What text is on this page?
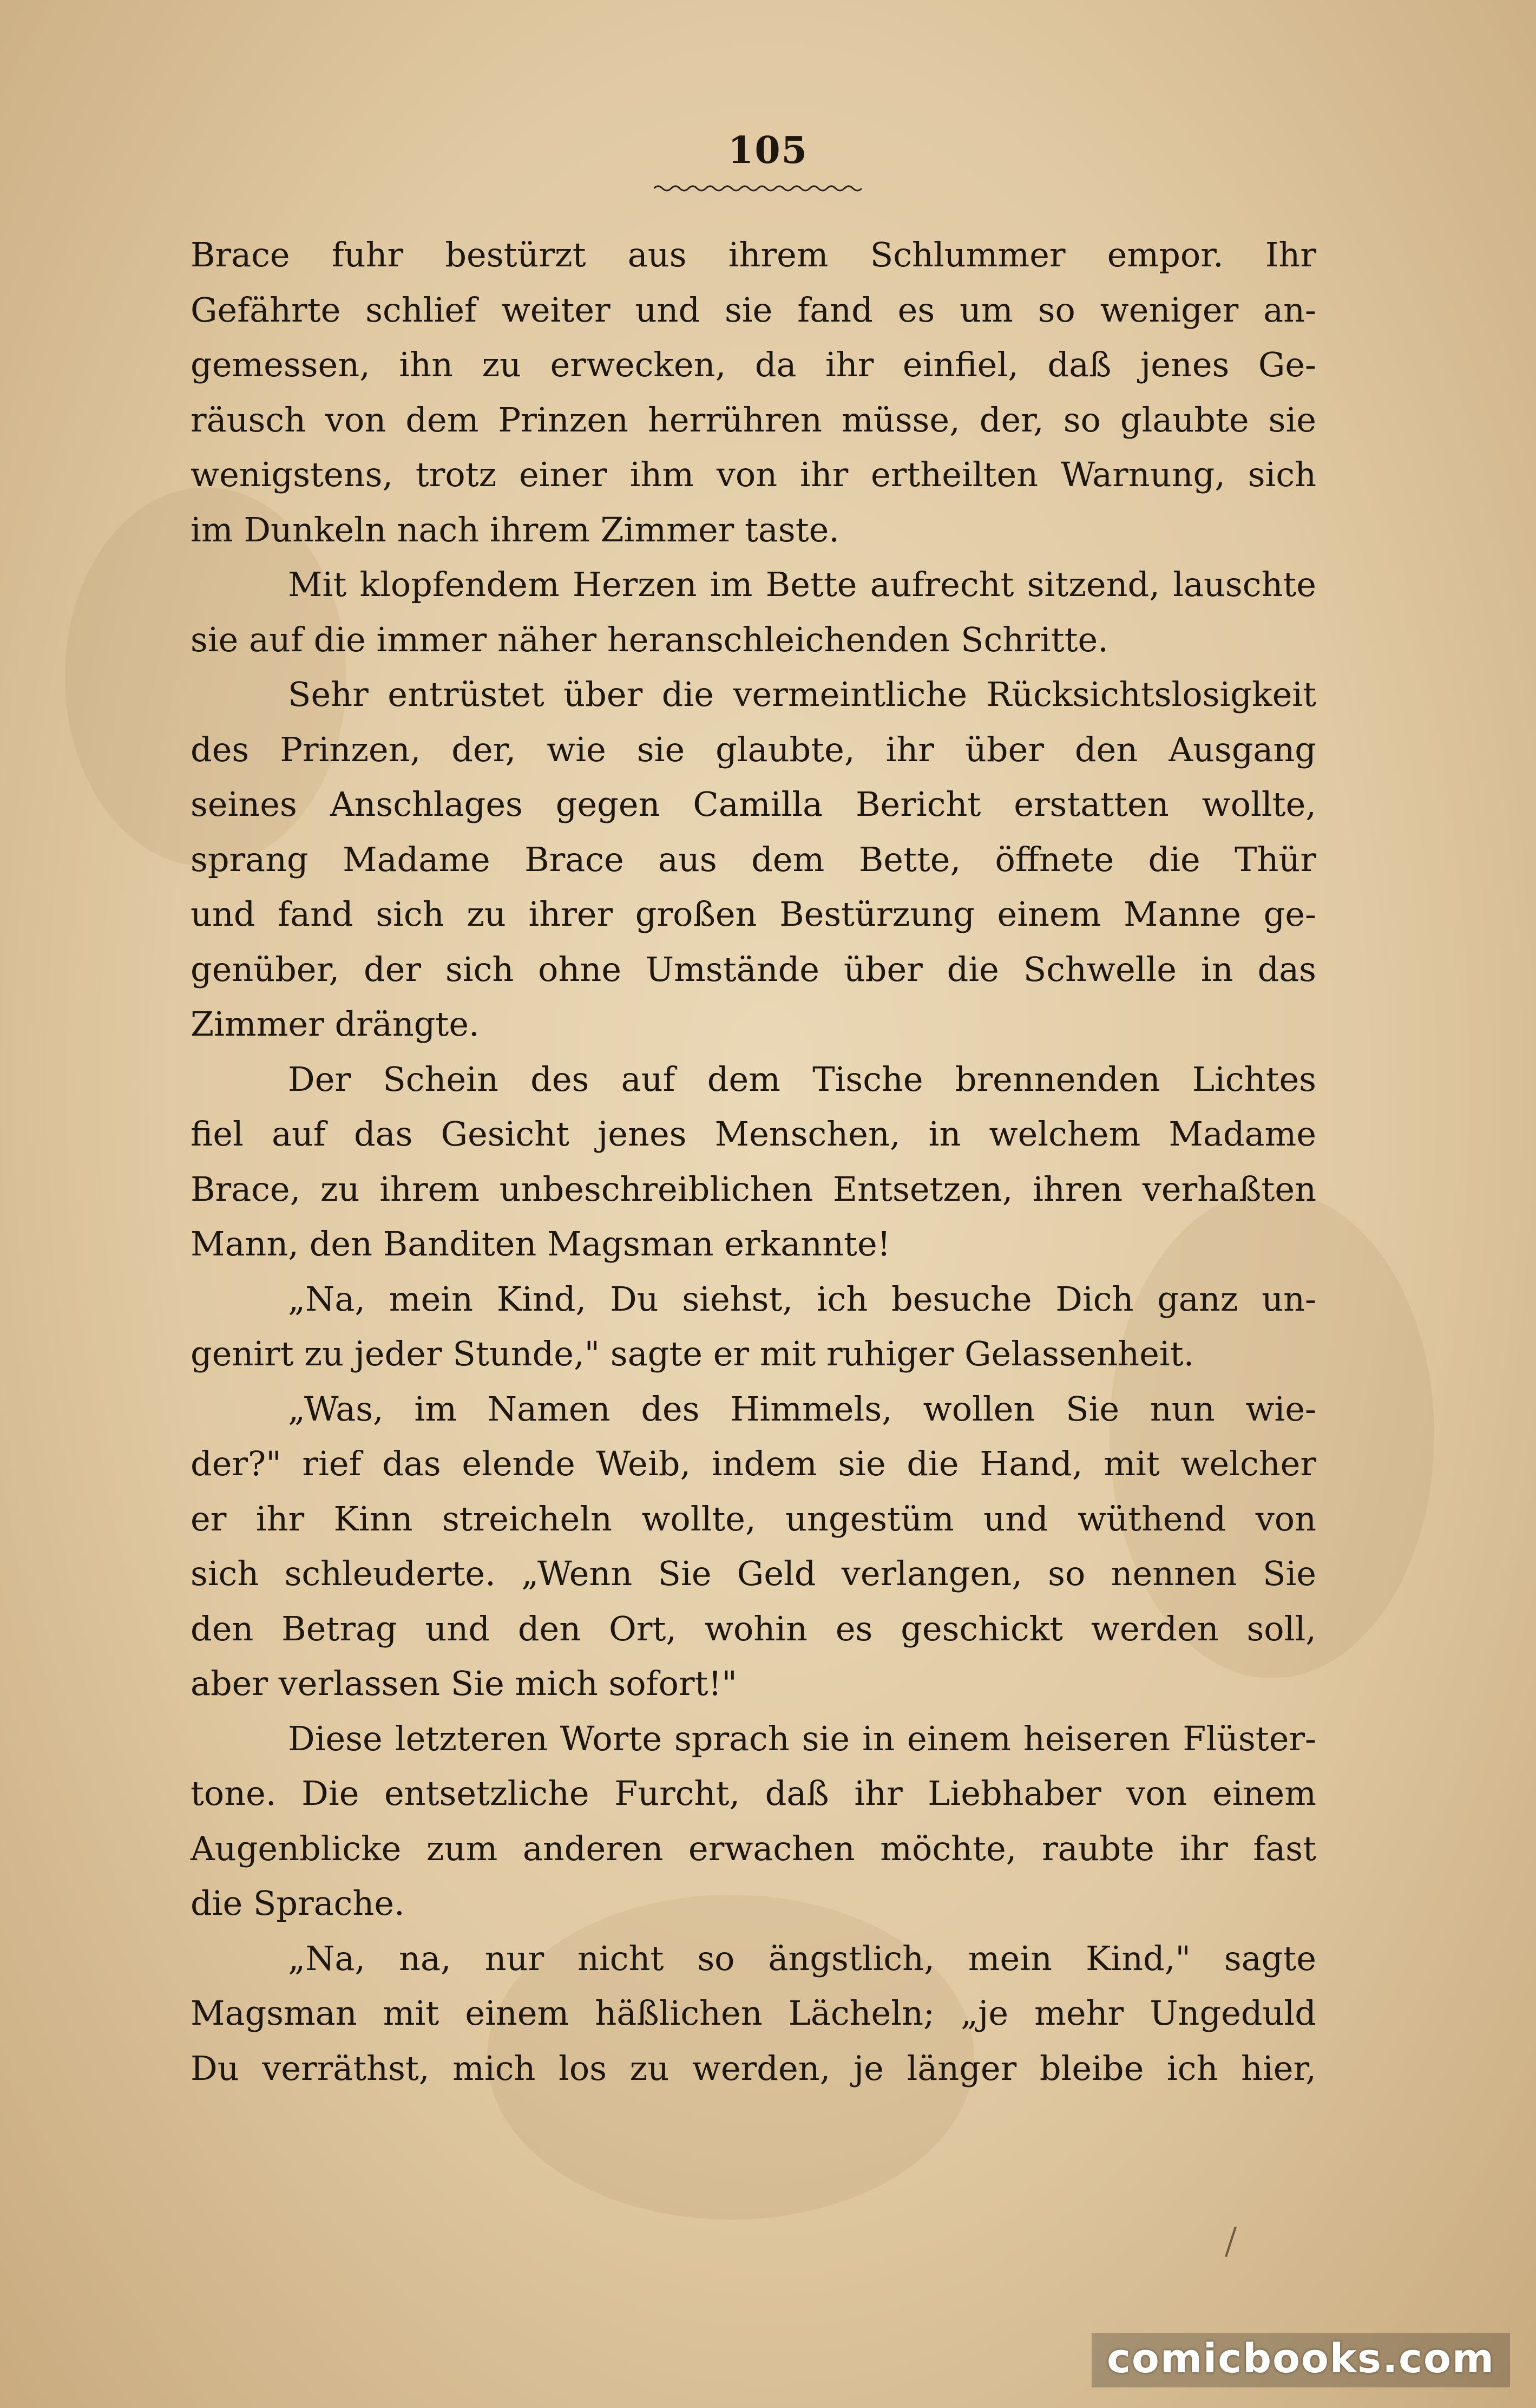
105
Brace fuhr bestürzt aus ihrem Schlummer empor. Ihr
Gefährte schlief weiter und sie fand es um so weniger an-
gemessen, ihn zu erwecken, da ihr einfiel, daß jenes Ge-
räusch von dem Prinzen herrühren müsse, der, so glaubte sie
wenigstens, trotz einer ihm von ihr ertheilten Warnung, sich
im Dunkeln nach ihrem Zimmer taste.
Mit klopfendem Herzen im Bette aufrecht sitzend, lauschte
sie auf die immer näher heranschleichenden Schritte.
Sehr entrüstet über die vermeintliche Rücksichtslosigkeit
des Prinzen, der, wie sie glaubte, ihr über den Ausgang
seines Anschlages gegen Camilla Bericht erstatten wollte,
sprang Madame Brace aus dem Bette, öffnete die Thür
und fand sich zu ihrer großen Bestürzung einem Manne ge-
genüber, der sich ohne Umstände über die Schwelle in das
Zimmer drängte.
Der Schein des auf dem Tische brennenden Lichtes
fiel auf das Gesicht jenes Menschen, in welchem Madame
Brace, zu ihrem unbeschreiblichen Entsetzen, ihren verhaßten
Mann, den Banditen Magsman erkannte!
„Na, mein Kind, Du siehst, ich besuche Dich ganz un-
genirt zu jeder Stunde," sagte er mit ruhiger Gelassenheit.
„Was, im Namen des Himmels, wollen Sie nun wie-
der?" rief das elende Weib, indem sie die Hand, mit welcher
er ihr Kinn streicheln wollte, ungestüm und wüthend von
sich schleuderte. „Wenn Sie Geld verlangen, so nennen Sie
den Betrag und den Ort, wohin es geschickt werden soll,
aber verlassen Sie mich sofort!"
Diese letzteren Worte sprach sie in einem heiseren Flüster-
tone. Die entsetzliche Furcht, daß ihr Liebhaber von einem
Augenblicke zum anderen erwachen möchte, raubte ihr fast
die Sprache.
„Na, na, nur nicht so ängstlich, mein Kind," sagte
Magsman mit einem häßlichen Lächeln; „je mehr Ungeduld
Du verräthst, mich los zu werden, je länger bleibe ich hier,
comicbooks.com
